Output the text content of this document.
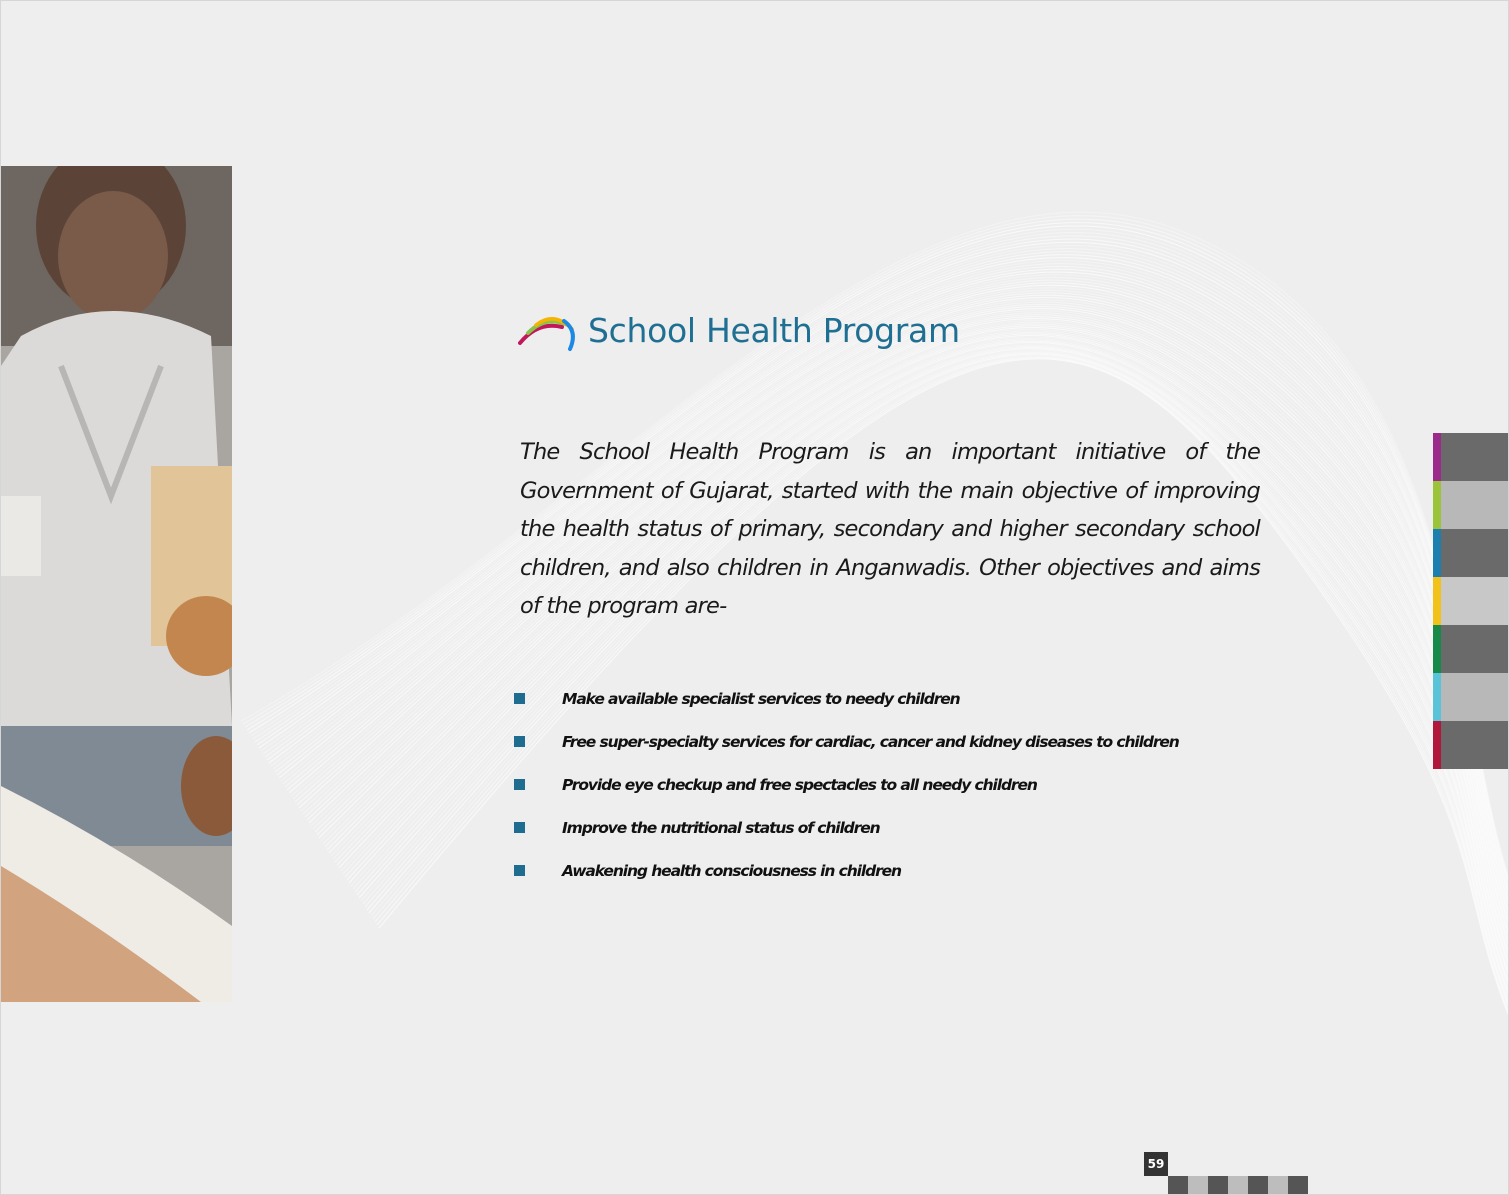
School Health Program

The School Health Program is an important initiative of the Government of Gujarat, started with the main objective of improving the health status of primary, secondary and higher secondary school children, and also children in Anganwadis. Other objectives and aims of the program are-

Make available specialist services to needy children
Free super-specialty services for cardiac, cancer and kidney diseases to children
Provide eye checkup and free spectacles to all needy children
Improve the nutritional status of children
Awakening health consciousness in children
59
